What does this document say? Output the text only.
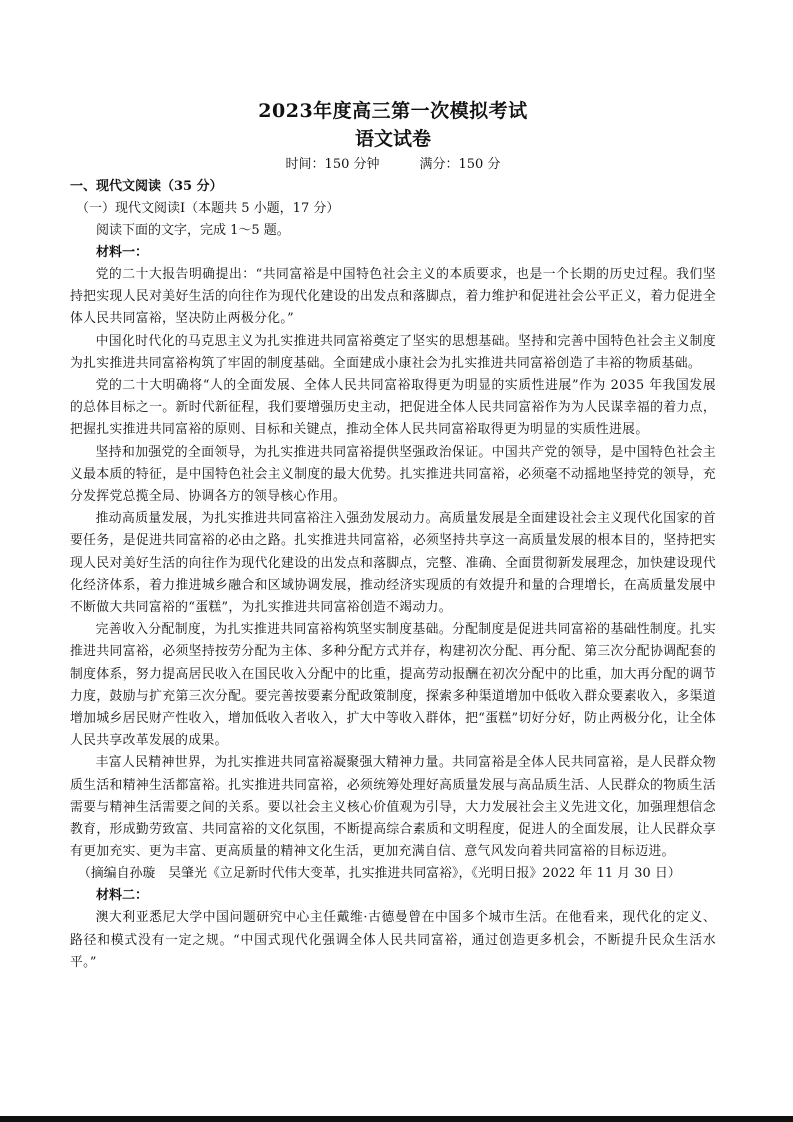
2023年度高三第一次模拟考试
语文试卷
时间：150 分钟	满分：150 分
一、现代文阅读（35 分）
（一）现代文阅读Ⅰ（本题共 5 小题，17 分）
阅读下面的文字，完成 1～5 题。
材料一：

党的二十大报告明确提出：“共同富裕是中国特色社会主义的本质要求，也是一个长期的历史过程。我们坚持把实现人民对美好生活的向往作为现代化建设的出发点和落脚点，着力维护和促进社会公平正义，着力促进全体人民共同富裕，坚决防止两极分化。”

中国化时代化的马克思主义为扎实推进共同富裕奠定了坚实的思想基础。坚持和完善中国特色社会主义制度为扎实推进共同富裕构筑了牢固的制度基础。全面建成小康社会为扎实推进共同富裕创造了丰裕的物质基础。

党的二十大明确将“人的全面发展、全体人民共同富裕取得更为明显的实质性进展”作为 2035 年我国发展的总体目标之一。新时代新征程，我们要增强历史主动，把促进全体人民共同富裕作为为人民谋幸福的着力点，把握扎实推进共同富裕的原则、目标和关键点，推动全体人民共同富裕取得更为明显的实质性进展。

坚持和加强党的全面领导，为扎实推进共同富裕提供坚强政治保证。中国共产党的领导，是中国特色社会主义最本质的特征，是中国特色社会主义制度的最大优势。扎实推进共同富裕，必须毫不动摇地坚持党的领导，充分发挥党总揽全局、协调各方的领导核心作用。

推动高质量发展，为扎实推进共同富裕注入强劲发展动力。高质量发展是全面建设社会主义现代化国家的首要任务，是促进共同富裕的必由之路。扎实推进共同富裕，必须坚持共享这一高质量发展的根本目的，坚持把实现人民对美好生活的向往作为现代化建设的出发点和落脚点，完整、准确、全面贯彻新发展理念，加快建设现代化经济体系，着力推进城乡融合和区域协调发展，推动经济实现质的有效提升和量的合理增长，在高质量发展中不断做大共同富裕的“蛋糕”，为扎实推进共同富裕创造不竭动力。

完善收入分配制度，为扎实推进共同富裕构筑坚实制度基础。分配制度是促进共同富裕的基础性制度。扎实推进共同富裕，必须坚持按劳分配为主体、多种分配方式并存，构建初次分配、再分配、第三次分配协调配套的制度体系，努力提高居民收入在国民收入分配中的比重，提高劳动报酬在初次分配中的比重，加大再分配的调节力度，鼓励与扩充第三次分配。要完善按要素分配政策制度，探索多种渠道增加中低收入群众要素收入，多渠道增加城乡居民财产性收入，增加低收入者收入，扩大中等收入群体，把“蛋糕”切好分好，防止两极分化，让全体人民共享改革发展的成果。

丰富人民精神世界，为扎实推进共同富裕凝聚强大精神力量。共同富裕是全体人民共同富裕，是人民群众物质生活和精神生活都富裕。扎实推进共同富裕，必须统筹处理好高质量发展与高品质生活、人民群众的物质生活需要与精神生活需要之间的关系。要以社会主义核心价值观为引导，大力发展社会主义先进文化，加强理想信念教育，形成勤劳致富、共同富裕的文化氛围，不断提高综合素质和文明程度，促进人的全面发展，让人民群众享有更加充实、更为丰富、更高质量的精神文化生活，更加充满自信、意气风发向着共同富裕的目标迈进。

（摘编自孙璇　吴肇光《立足新时代伟大变革，扎实推进共同富裕》，《光明日报》2022 年 11 月 30 日）
材料二：

澳大利亚悉尼大学中国问题研究中心主任戴维·古德曼曾在中国多个城市生活。在他看来，现代化的定义、路径和模式没有一定之规。“中国式现代化强调全体人民共同富裕，通过创造更多机会，不断提升民众生活水平。”
